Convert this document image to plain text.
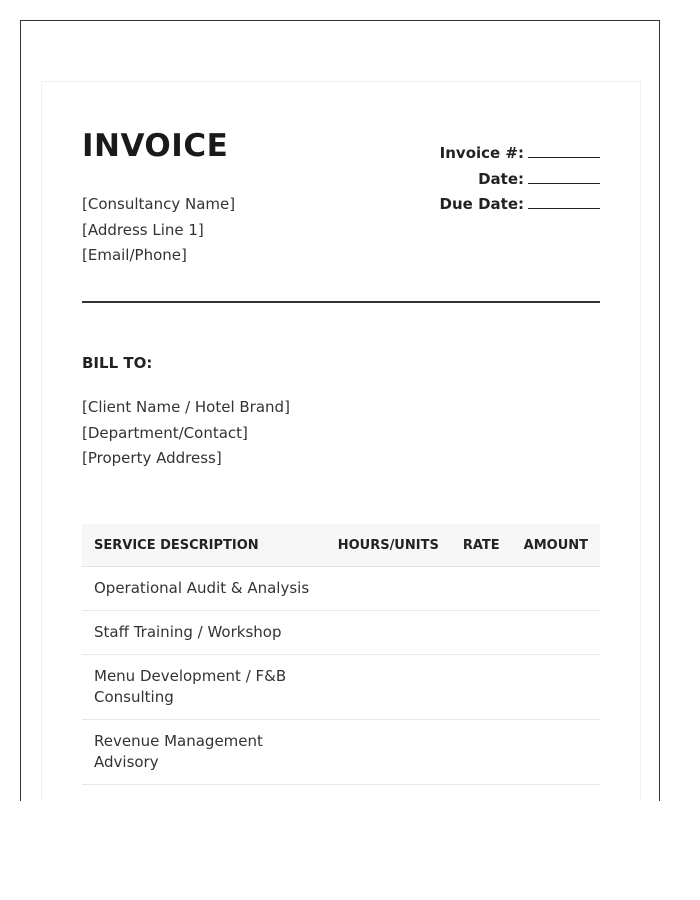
INVOICE
[Consultancy Name]
[Address Line 1]
[Email/Phone]
Invoice #:
Date:
Due Date:
BILL TO:
[Client Name / Hotel Brand]
[Department/Contact]
[Property Address]
SERVICE DESCRIPTION	HOURS/UNITS	RATE	AMOUNT
Operational Audit & Analysis			
Staff Training / Workshop			
Menu Development / F&B Consulting			
Revenue Management Advisory			
